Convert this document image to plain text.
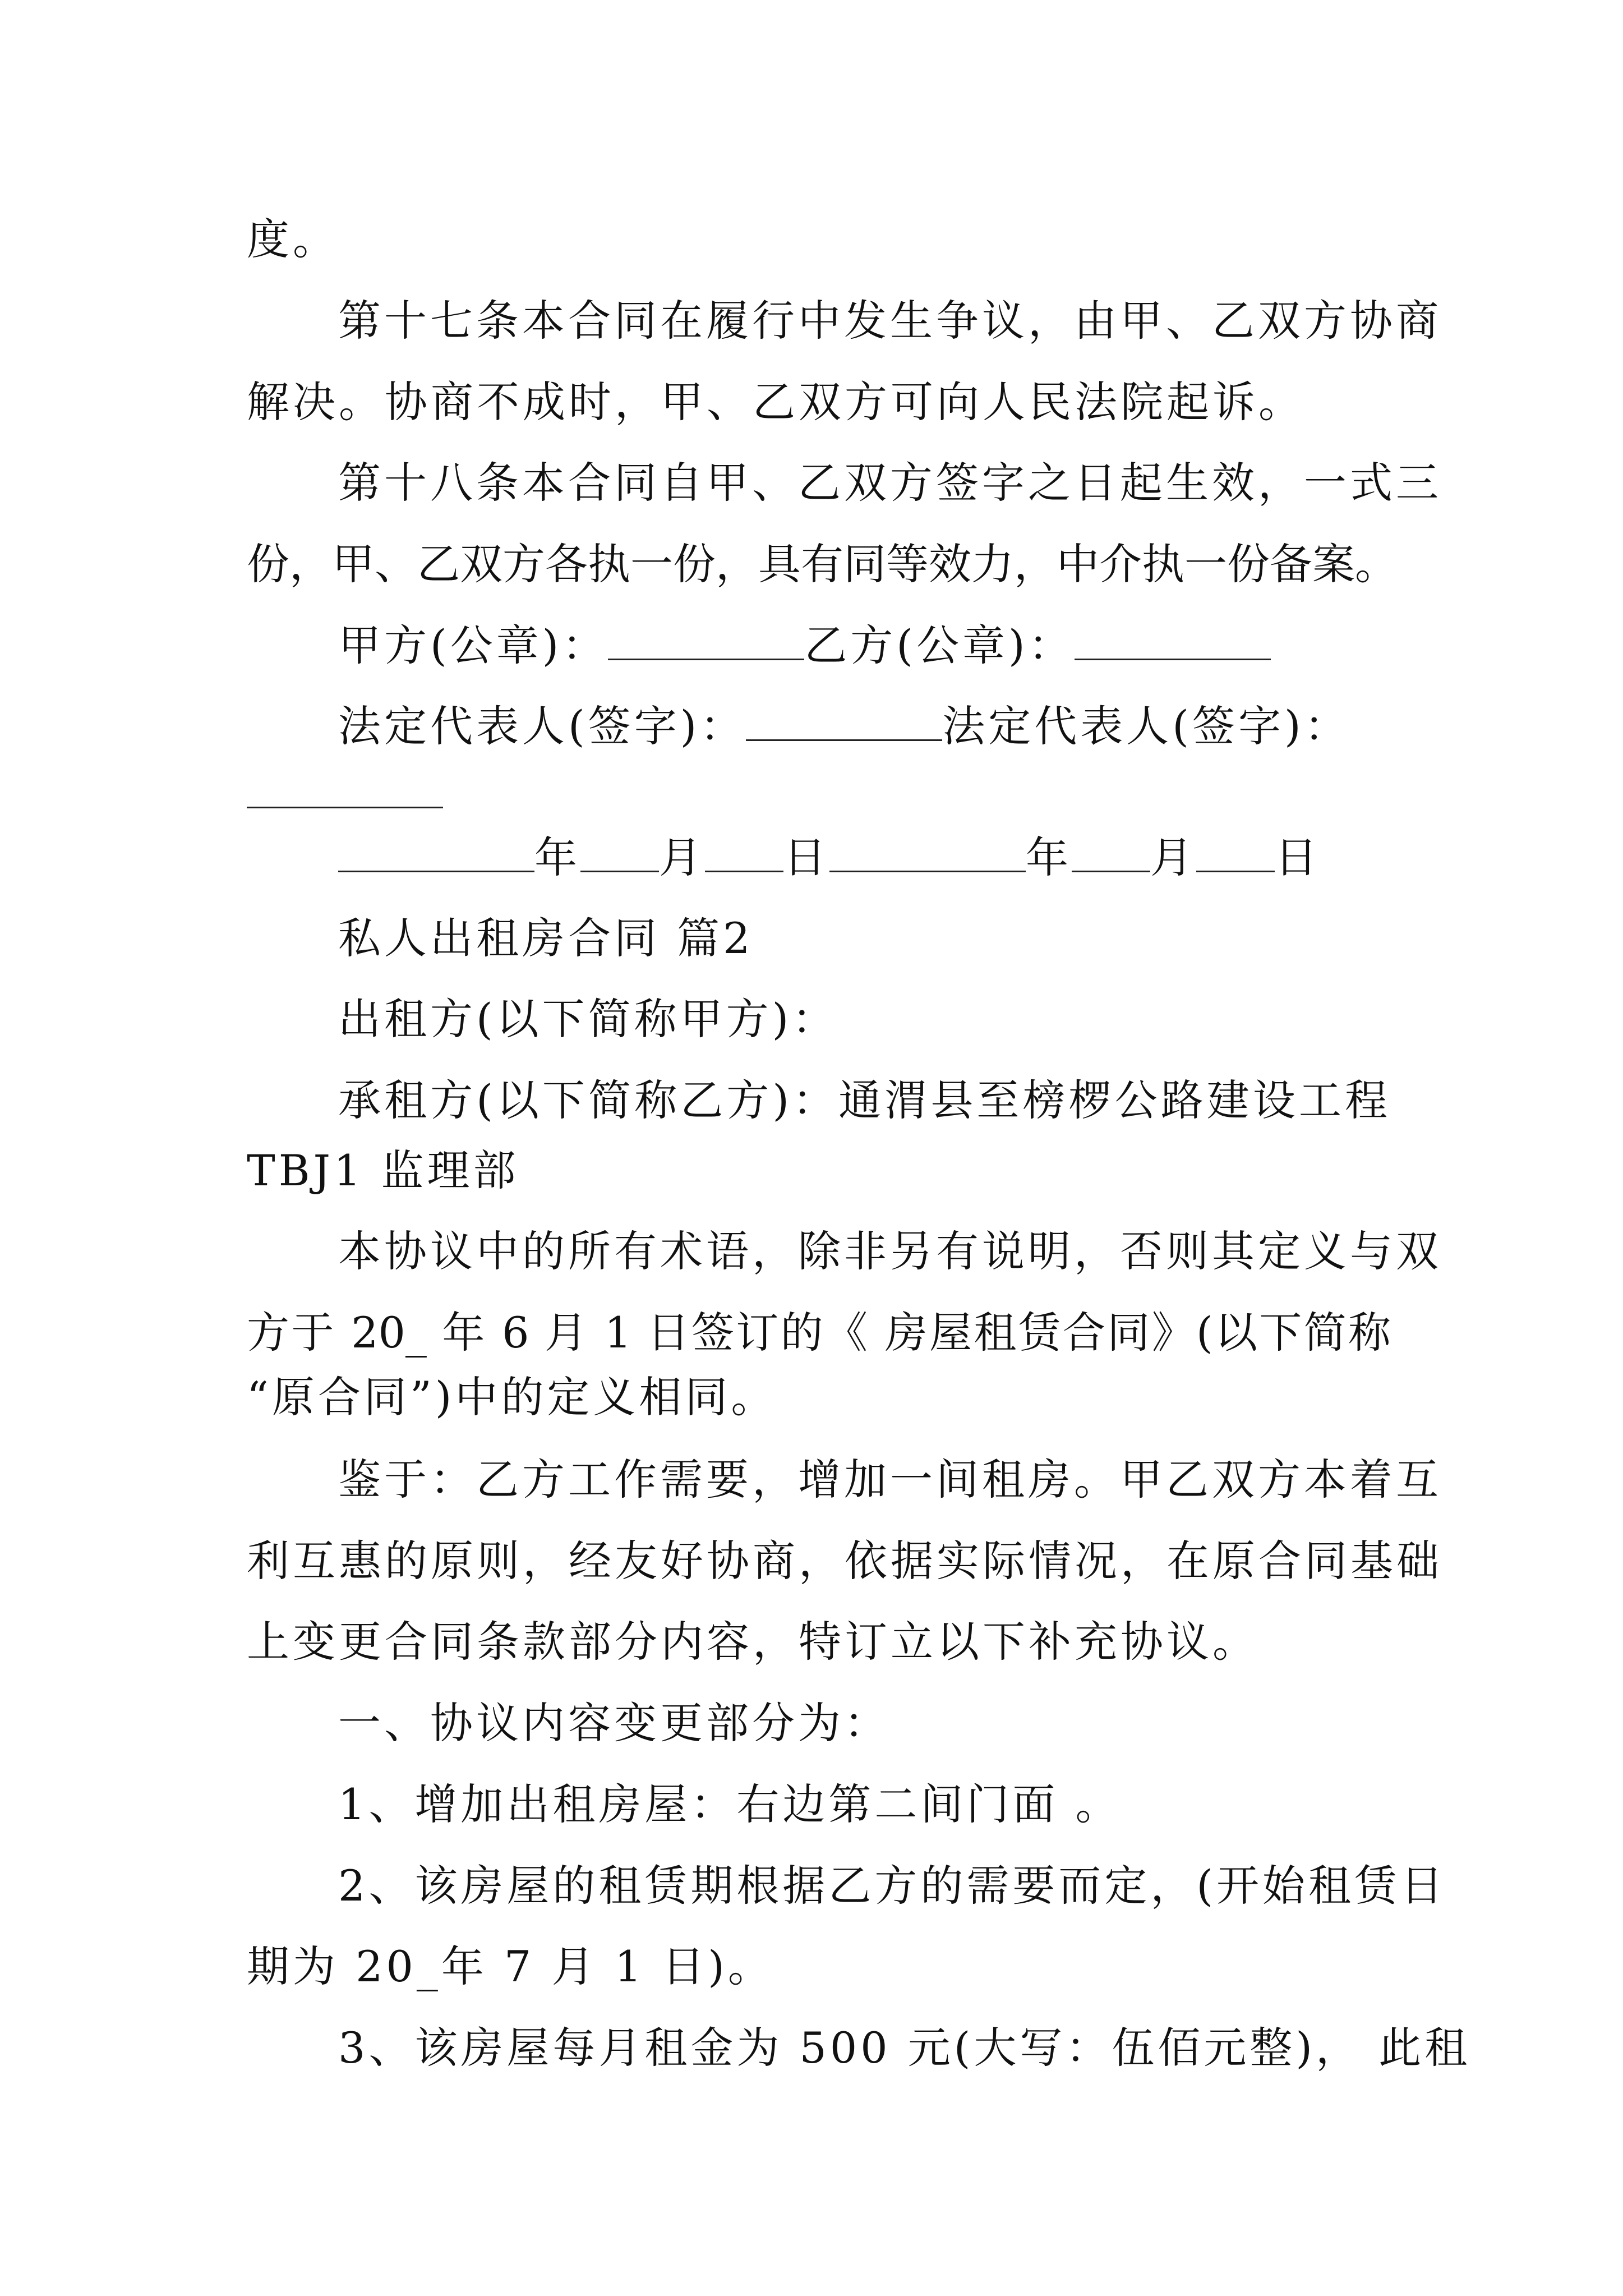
度。
第十七条本合同在履行中发生争议，由甲、乙双方协商
解决。协商不成时，甲、乙双方可向人民法院起诉。
第十八条本合同自甲、乙双方签字之日起生效，一式三
份，甲、乙双方各执一份，具有同等效力，中介执一份备案。
甲方(公章)：	乙方(公章)：
法定代表人(签字)：	法定代表人(签字)：
年 月 日	年 月 日
私人出租房合同 篇2
出租方(以下简称甲方)：
承租方(以下简称乙方)：通渭县至榜椤公路建设工程
TBJ1 监理部
本协议中的所有术语，除非另有说明，否则其定义与双
方于 20_ 年 6 月 1 日签订的《 房屋租赁合同》(以下简称
“原合同”)中的定义相同。
鉴于：乙方工作需要，增加一间租房。甲乙双方本着互
利互惠的原则，经友好协商，依据实际情况，在原合同基础
上变更合同条款部分内容，特订立以下补充协议。
一、协议内容变更部分为：
1、增加出租房屋：右边第二间门面 。
2、该房屋的租赁期根据乙方的需要而定，(开始租赁日
期为 20_年 7 月 1 日)。
3、该房屋每月租金为 500 元(大写：伍佰元整)， 此租
